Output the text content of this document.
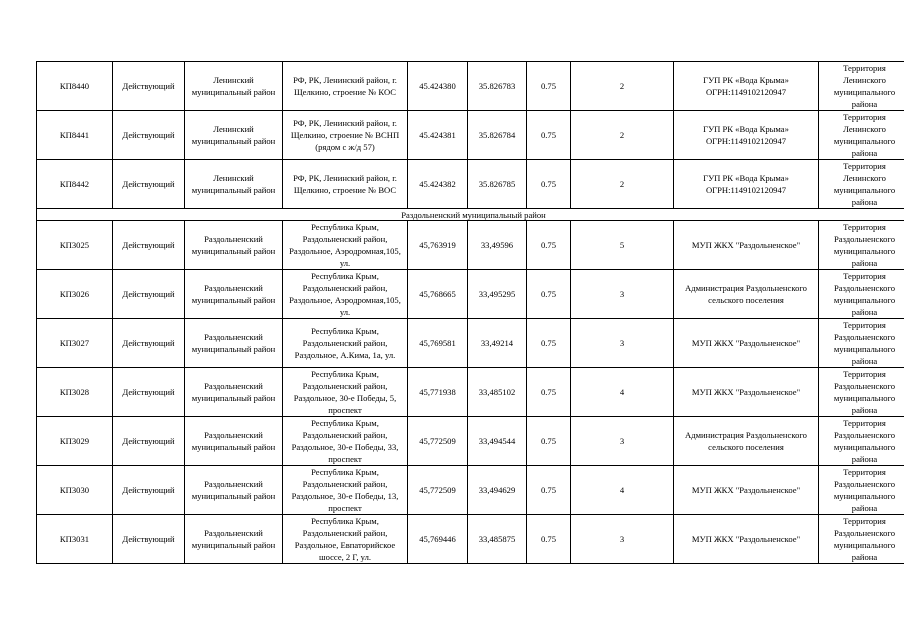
КП8440	Действующий	Ленинский муниципальный район	РФ, РК, Ленинский район, г. Щелкино, строение № КОС	45.424380	35.826783	0.75	2	ГУП РК «Вода Крыма» ОГРН:1149102120947	Территория Ленинского муниципального района
КП8441	Действующий	Ленинский муниципальный район	РФ, РК, Ленинский район, г. Щелкино, строение № ВСНП (рядом с ж/д 57)	45.424381	35.826784	0.75	2	ГУП РК «Вода Крыма» ОГРН:1149102120947	Территория Ленинского муниципального района
КП8442	Действующий	Ленинский муниципальный район	РФ, РК, Ленинский район, г. Щелкино, строение № ВОС	45.424382	35.826785	0.75	2	ГУП РК «Вода Крыма» ОГРН:1149102120947	Территория Ленинского муниципального района
Раздольненский муниципальный район									
КП3025	Действующий	Раздольненский муниципальный район	Республика Крым, Раздольненский район, Раздольное, Аэродромная,105, ул.	45,763919	33,49596	0.75	5	МУП ЖКХ "Раздольненское"	Территория Раздольненского муниципального района
КП3026	Действующий	Раздольненский муниципальный район	Республика Крым, Раздольненский район, Раздольное, Аэродромная,105, ул.	45,768665	33,495295	0.75	3	Администрация Раздольненского сельского поселения	Территория Раздольненского муниципального района
КП3027	Действующий	Раздольненский муниципальный район	Республика Крым, Раздольненский район, Раздольное, А.Кима, 1а, ул.	45,769581	33,49214	0.75	3	МУП ЖКХ "Раздольненское"	Территория Раздольненского муниципального района
КП3028	Действующий	Раздольненский муниципальный район	Республика Крым, Раздольненский район, Раздольное, 30-е Победы, 5, проспект	45,771938	33,485102	0.75	4	МУП ЖКХ "Раздольненское"	Территория Раздольненского муниципального района
КП3029	Действующий	Раздольненский муниципальный район	Республика Крым, Раздольненский район, Раздольное, 30-е Победы, 33, проспект	45,772509	33,494544	0.75	3	Администрация Раздольненского сельского поселения	Территория Раздольненского муниципального района
КП3030	Действующий	Раздольненский муниципальный район	Республика Крым, Раздольненский район, Раздольное, 30-е Победы, 13, проспект	45,772509	33,494629	0.75	4	МУП ЖКХ "Раздольненское"	Территория Раздольненского муниципального района
КП3031	Действующий	Раздольненский муниципальный район	Республика Крым, Раздольненский район, Раздольное, Евпаторийское шоссе, 2 Г, ул.	45,769446	33,485875	0.75	3	МУП ЖКХ "Раздольненское"	Территория Раздольненского муниципального района
